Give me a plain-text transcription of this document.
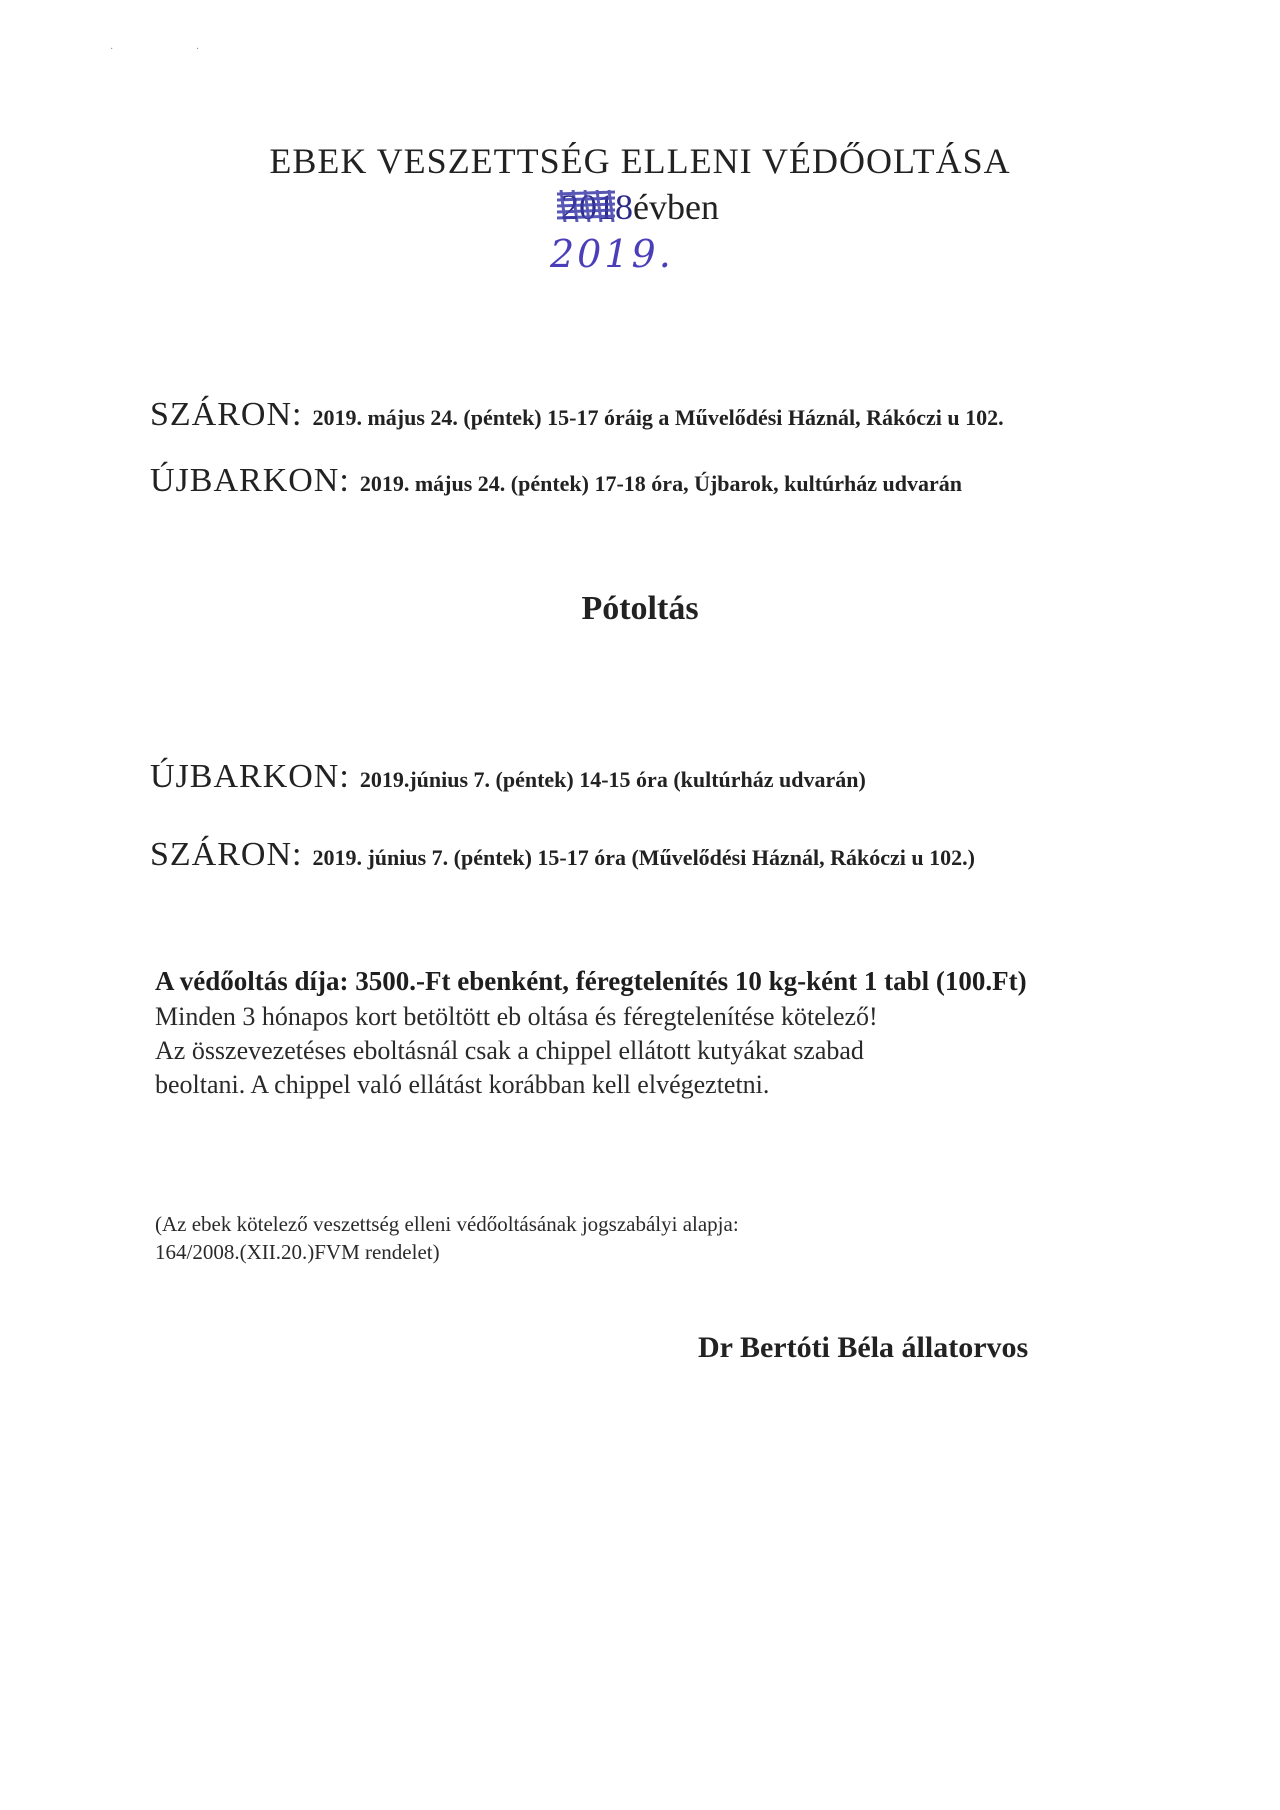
· ·
EBEK VESZETTSÉG ELLENI VÉDŐOLTÁSA
2018
évben
2019.
SZÁRON: 2019. május 24. (péntek) 15-17 óráig a Művelődési Háznál, Rákóczi u 102.
ÚJBARKON: 2019. május 24. (péntek) 17-18 óra, Újbarok, kultúrház udvarán
Pótoltás
ÚJBARKON: 2019.június 7. (péntek) 14-15 óra (kultúrház udvarán)
SZÁRON: 2019. június 7. (péntek) 15-17 óra (Művelődési Háznál, Rákóczi u 102.)
A védőoltás díja: 3500.-Ft ebenként, féregtelenítés 10 kg-ként 1 tabl (100.Ft)
Minden 3 hónapos kort betöltött eb oltása és féregtelenítése kötelező!
Az összevezetéses eboltásnál csak a chippel ellátott kutyákat szabad
beoltani. A chippel való ellátást korábban kell elvégeztetni.
(Az ebek kötelező veszettség elleni védőoltásának jogszabályi alapja:
164/2008.(XII.20.)FVM rendelet)
Dr Bertóti Béla állatorvos
